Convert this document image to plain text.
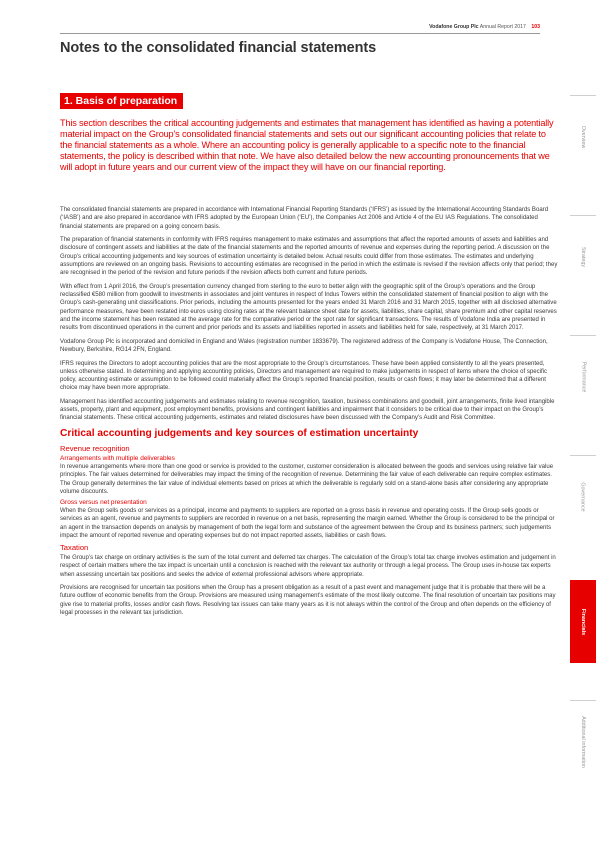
Vodafone Group Plc Annual Report 2017 103
Notes to the consolidated financial statements
1. Basis of preparation

This section describes the critical accounting judgements and estimates that management has identified as having a potentially material impact on the Group’s consolidated financial statements and sets out our significant accounting policies that relate to the financial statements as a whole. Where an accounting policy is generally applicable to a specific note to the financial statements, the policy is described within that note. We have also detailed below the new accounting pronouncements that we will adopt in future years and our current view of the impact they will have on our financial reporting.

The consolidated financial statements are prepared in accordance with International Financial Reporting Standards (‘IFRS’) as issued by the International Accounting Standards Board (‘IASB’) and are also prepared in accordance with IFRS adopted by the European Union (‘EU’), the Companies Act 2006 and Article 4 of the EU IAS Regulations. The consolidated financial statements are prepared on a going concern basis.

The preparation of financial statements in conformity with IFRS requires management to make estimates and assumptions that affect the reported amounts of assets and liabilities and disclosure of contingent assets and liabilities at the date of the financial statements and the reported amounts of revenue and expenses during the reporting period. A discussion on the Group’s critical accounting judgements and key sources of estimation uncertainty is detailed below. Actual results could differ from those estimates. The estimates and underlying assumptions are reviewed on an ongoing basis. Revisions to accounting estimates are recognised in the period in which the estimate is revised if the revision affects only that period; they are recognised in the period of the revision and future periods if the revision affects both current and future periods.

With effect from 1 April 2016, the Group’s presentation currency changed from sterling to the euro to better align with the geographic split of the Group’s operations and the Group reclassified €580 million from goodwill to investments in associates and joint ventures in respect of Indus Towers within the consolidated statement of financial position to align with the Group’s cash-generating unit classifications. Prior periods, including the amounts presented for the years ended 31 March 2016 and 31 March 2015, together with all disclosed alternative performance measures, have been restated into euros using closing rates at the relevant balance sheet date for assets, liabilities, share capital, share premium and other capital reserves and the income statement has been restated at the average rate for the comparative period or the spot rate for significant transactions. The results of Vodafone India are presented in results from discontinued operations in the current and prior periods and its assets and liabilities reported in assets and liabilities held for sale, respectively, at 31 March 2017.

Vodafone Group Plc is incorporated and domiciled in England and Wales (registration number 1833679). The registered address of the Company is Vodafone House, The Connection, Newbury, Berkshire, RG14 2FN, England.

IFRS requires the Directors to adopt accounting policies that are the most appropriate to the Group’s circumstances. These have been applied consistently to all the years presented, unless otherwise stated. In determining and applying accounting policies, Directors and management are required to make judgements in respect of items where the choice of specific policy, accounting estimate or assumption to be followed could materially affect the Group’s reported financial position, results or cash flows; it may later be determined that a different choice may have been more appropriate.

Management has identified accounting judgements and estimates relating to revenue recognition, taxation, business combinations and goodwill, joint arrangements, finite lived intangible assets, property, plant and equipment, post employment benefits, provisions and contingent liabilities and impairment that it considers to be critical due to their impact on the Group’s financial statements. These critical accounting judgements, estimates and related disclosures have been discussed with the Company’s Audit and Risk Committee.

Critical accounting judgements and key sources of estimation uncertainty
Revenue recognition
Arrangements with multiple deliverables

In revenue arrangements where more than one good or service is provided to the customer, customer consideration is allocated between the goods and services using relative fair value principles. The fair values determined for deliverables may impact the timing of the recognition of revenue. Determining the fair value of each deliverable can require complex estimates. The Group generally determines the fair value of individual elements based on prices at which the deliverable is regularly sold on a stand-alone basis after considering any appropriate volume discounts.

Gross versus net presentation

When the Group sells goods or services as a principal, income and payments to suppliers are reported on a gross basis in revenue and operating costs. If the Group sells goods or services as an agent, revenue and payments to suppliers are recorded in revenue on a net basis, representing the margin earned. Whether the Group is considered to be the principal or an agent in the transaction depends on analysis by management of both the legal form and substance of the agreement between the Group and its business partners; such judgements impact the amount of reported revenue and operating expenses but do not impact reported assets, liabilities or cash flows.

Taxation

The Group’s tax charge on ordinary activities is the sum of the total current and deferred tax charges. The calculation of the Group’s total tax charge involves estimation and judgement in respect of certain matters where the tax impact is uncertain until a conclusion is reached with the relevant tax authority or through a legal process. The Group uses in-house tax experts when assessing uncertain tax positions and seeks the advice of external professional advisors where appropriate.

Provisions are recognised for uncertain tax positions when the Group has a present obligation as a result of a past event and management judge that it is probable that there will be a future outflow of economic benefits from the Group. Provisions are measured using management’s estimate of the most likely outcome. The final resolution of uncertain tax positions may give rise to material profits, losses and/or cash flows. Resolving tax issues can take many years as it is not always within the control of the Group and often depends on the efficiency of legal processes in the relevant tax jurisdiction.

Overview
Strategy
Performance
Governance
Financials
Additional information
